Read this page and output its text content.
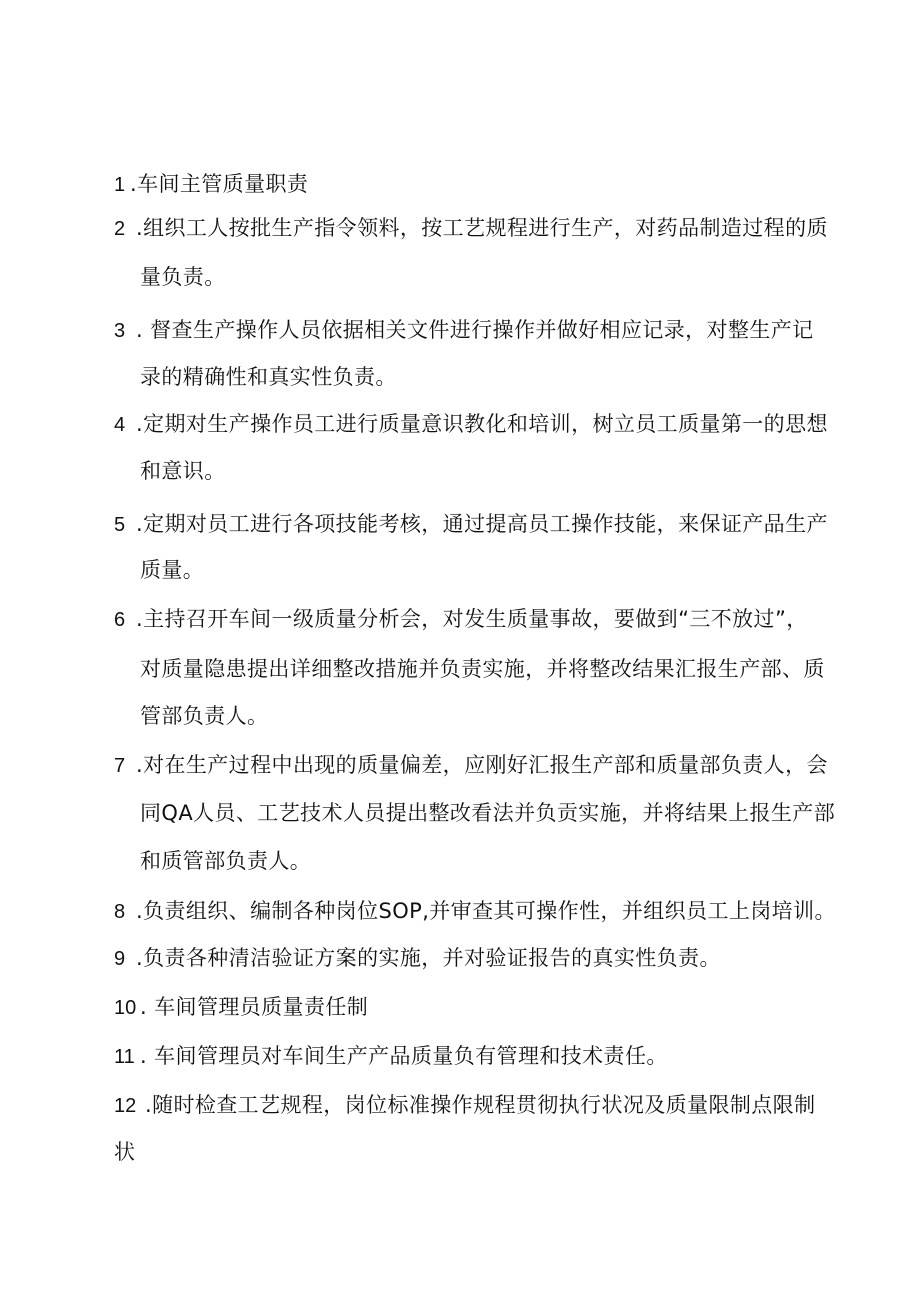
1 .车间主管质量职责
2 .组织工人按批生产指令领料，按工艺规程进行生产，对药品制造过程的质
量负责。
3 . 督查生产操作人员依据相关文件进行操作并做好相应记录，对整生产记
录的精确性和真实性负责。
4 .定期对生产操作员工进行质量意识教化和培训，树立员工质量第一的思想
和意识。
5 .定期对员工进行各项技能考核，通过提高员工操作技能，来保证产品生产
质量。
6 .主持召开车间一级质量分析会，对发生质量事故，要做到“三不放过”，
对质量隐患提出详细整改措施并负责实施，并将整改结果汇报生产部、质
管部负责人。
7 .对在生产过程中出现的质量偏差，应刚好汇报生产部和质量部负责人，会
同QA人员、工艺技术人员提出整改看法并负贡实施，并将结果上报生产部
和质管部负责人。
8 .负责组织、编制各种岗位SOP,并审查其可操作性，并组织员工上岗培训。
9 .负责各种清洁验证方案的实施，并对验证报告的真实性负责。
10 . 车间管理员质量责任制
11 . 车间管理员对车间生产产品质量负有管理和技术责任。
12 .随时检查工艺规程，岗位标准操作规程贯彻执行状况及质量限制点限制
状
